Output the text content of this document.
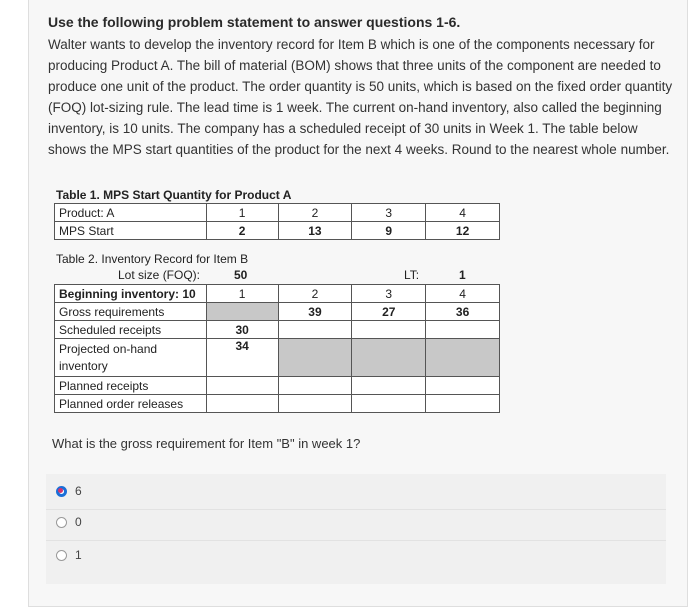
Use the following problem statement to answer questions 1-6.
Walter wants to develop the inventory record for Item B which is one of the components necessary for producing Product A. The bill of material (BOM) shows that three units of the component are needed to produce one unit of the product. The order quantity is 50 units, which is based on the fixed order quantity (FOQ) lot-sizing rule. The lead time is 1 week. The current on-hand inventory, also called the beginning inventory, is 10 units. The company has a scheduled receipt of 30 units in Week 1. The table below shows the MPS start quantities of the product for the next 4 weeks. Round to the nearest whole number.
Table 1. MPS Start Quantity for Product A
Product: A	1	2	3	4
MPS Start	2	13	9	12
Table 2. Inventory Record for Item B
Lot size (FOQ):	50	LT:	1
Beginning inventory: 10	1	2	3	4
Gross requirements		39	27	36
Scheduled receipts	30			
Projected on-hand inventory	34			
Planned receipts				
Planned order releases				
What is the gross requirement for Item "B" in week 1?
6
0
1
